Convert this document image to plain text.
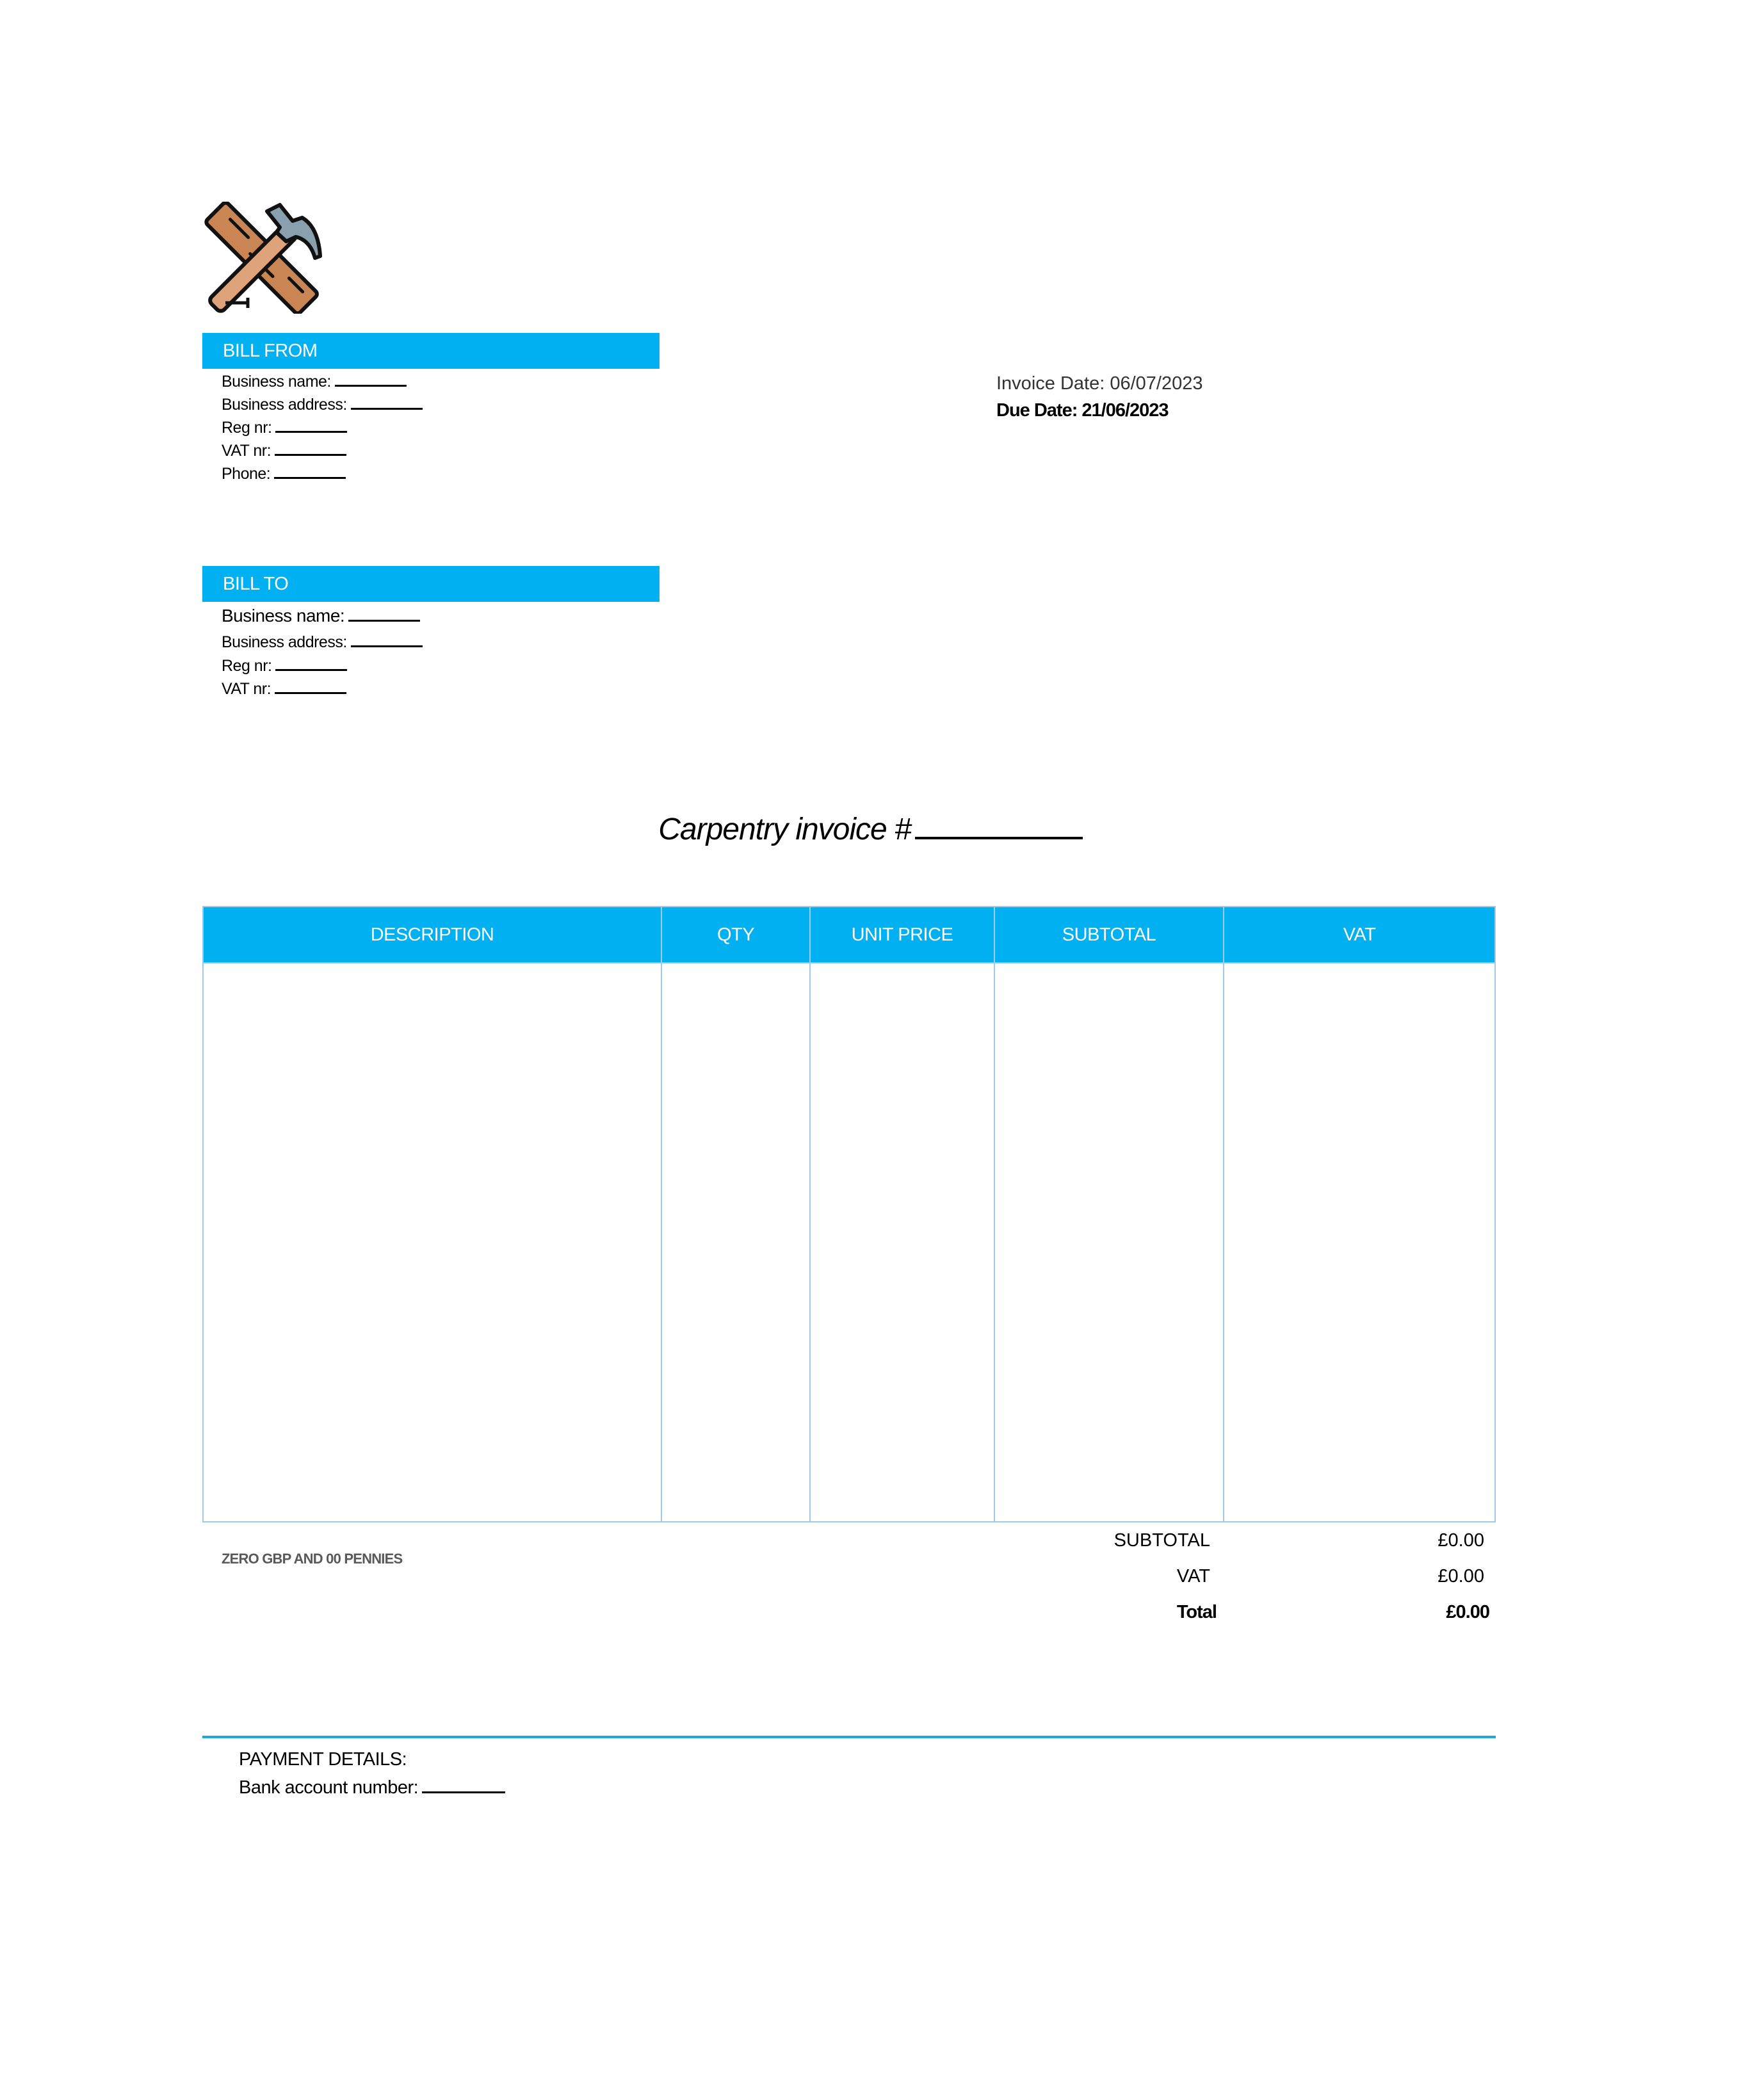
BILL FROM
Business name:
Business address:
Reg nr:
VAT nr:
Phone:
Invoice Date: 06/07/2023
Due Date: 21/06/2023
BILL TO
Business name:
Business address:
Reg nr:
VAT nr:
Carpentry invoice #
DESCRIPTION	QTY	UNIT PRICE	SUBTOTAL	VAT
ZERO GBP AND 00 PENNIES
SUBTOTAL	£0.00
VAT	£0.00
Total	£0.00
PAYMENT DETAILS:
Bank account number:
